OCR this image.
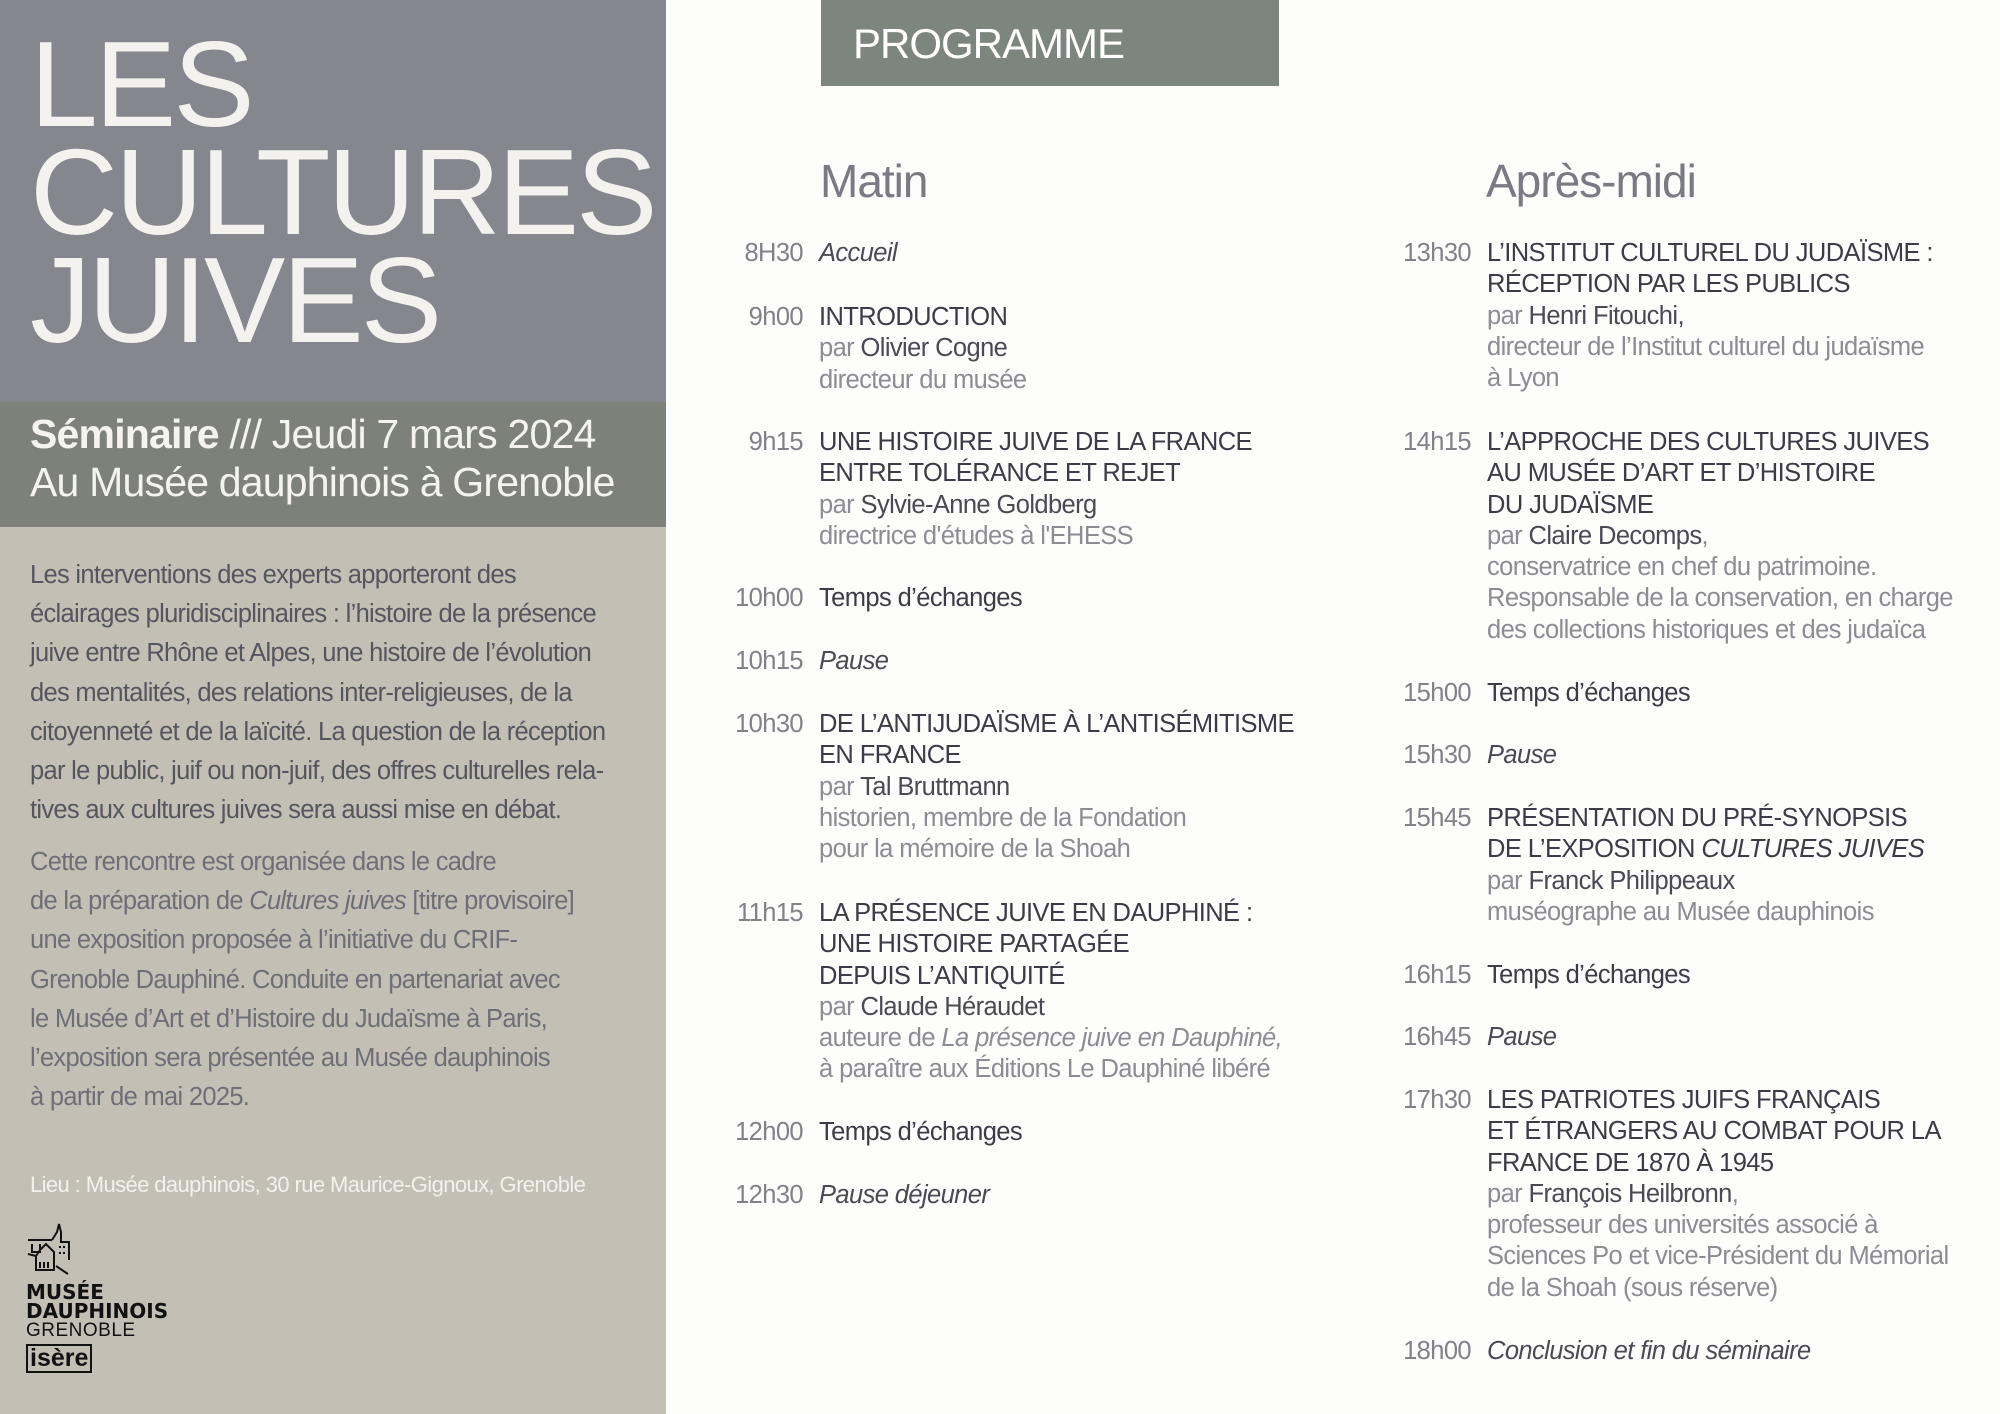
LES
CULTURES
JUIVES
Séminaire /// Jeudi 7 mars 2024
Au Musée dauphinois à Grenoble
Les interventions des experts apporteront des
éclairages pluridisciplinaires : l’histoire de la présence
juive entre Rhône et Alpes, une histoire de l’évolution
des mentalités, des relations inter-religieuses, de la
citoyenneté et de la laïcité. La question de la réception
par le public, juif ou non-juif, des offres culturelles rela-
tives aux cultures juives sera aussi mise en débat.
Cette rencontre est organisée dans le cadre
de la préparation de Cultures juives [titre provisoire]
une exposition proposée à l’initiative du CRIF-
Grenoble Dauphiné. Conduite en partenariat avec
le Musée d’Art et d’Histoire du Judaïsme à Paris,
l’exposition sera présentée au Musée dauphinois
à partir de mai 2025.
Lieu : Musée dauphinois, 30 rue Maurice-Gignoux, Grenoble
MUSÉE
DAUPHINOIS
GRENOBLE
isère
PROGRAMME
Matin	Après-midi
8H30 Accueil
9h00 INTRODUCTION
par Olivier Cogne
directeur du musée
9h15 UNE HISTOIRE JUIVE DE LA FRANCE
ENTRE TOLÉRANCE ET REJET
par Sylvie-Anne Goldberg
directrice d'études à l'EHESS
10h00 Temps d’échanges
10h15 Pause
10h30 DE L’ANTIJUDAÏSME À L’ANTISÉMITISME
EN FRANCE
par Tal Bruttmann
historien, membre de la Fondation
pour la mémoire de la Shoah
11h15 LA PRÉSENCE JUIVE EN DAUPHINÉ :
UNE HISTOIRE PARTAGÉE
DEPUIS L’ANTIQUITÉ
par Claude Héraudet
auteure de La présence juive en Dauphiné,
à paraître aux Éditions Le Dauphiné libéré
12h00 Temps d’échanges
12h30 Pause déjeuner
13h30 L’INSTITUT CULTUREL DU JUDAÏSME :
RÉCEPTION PAR LES PUBLICS
par Henri Fitouchi,
directeur de l’Institut culturel du judaïsme
à Lyon
14h15 L’APPROCHE DES CULTURES JUIVES
AU MUSÉE D’ART ET D’HISTOIRE
DU JUDAÏSME
par Claire Decomps,
conservatrice en chef du patrimoine.
Responsable de la conservation, en charge
des collections historiques et des judaïca
15h00 Temps d’échanges
15h30 Pause
15h45 PRÉSENTATION DU PRÉ-SYNOPSIS
DE L’EXPOSITION CULTURES JUIVES
par Franck Philippeaux
muséographe au Musée dauphinois
16h15 Temps d’échanges
16h45 Pause
17h30 LES PATRIOTES JUIFS FRANÇAIS
ET ÉTRANGERS AU COMBAT POUR LA
FRANCE DE 1870 À 1945
par François Heilbronn,
professeur des universités associé à
Sciences Po et vice-Président du Mémorial
de la Shoah (sous réserve)
18h00 Conclusion et fin du séminaire
